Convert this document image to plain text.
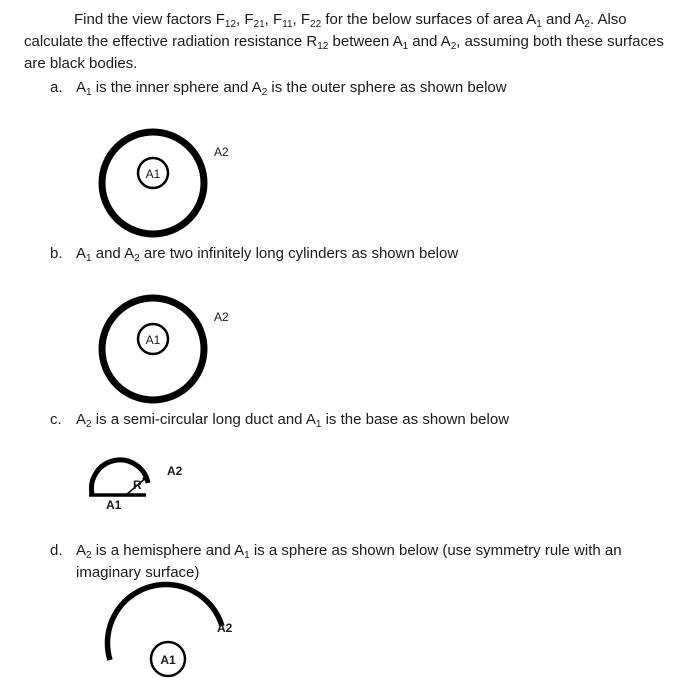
Find the view factors $F_{12}$, $F_{21}$, $F_{11}$, $F_{22}$ for the below surfaces of area $A_1$ and $A_2$. Also
calculate the effective radiation resistance $R_{12}$ between $A_1$ and $A_2$, assuming both these surfaces
are black bodies.
a. $A_1$ is the inner sphere and $A_2$ is the outer sphere as shown below
A1
A2
b. $A_1$ and $A_2$ are two infinitely long cylinders as shown below
A1
A2
c. $A_2$ is a semi-circular long duct and $A_1$ is the base as shown below
R
A2
A1
d. $A_2$ is a hemisphere and $A_1$ is a sphere as shown below (use symmetry rule with an
imaginary surface)
A1
A2
